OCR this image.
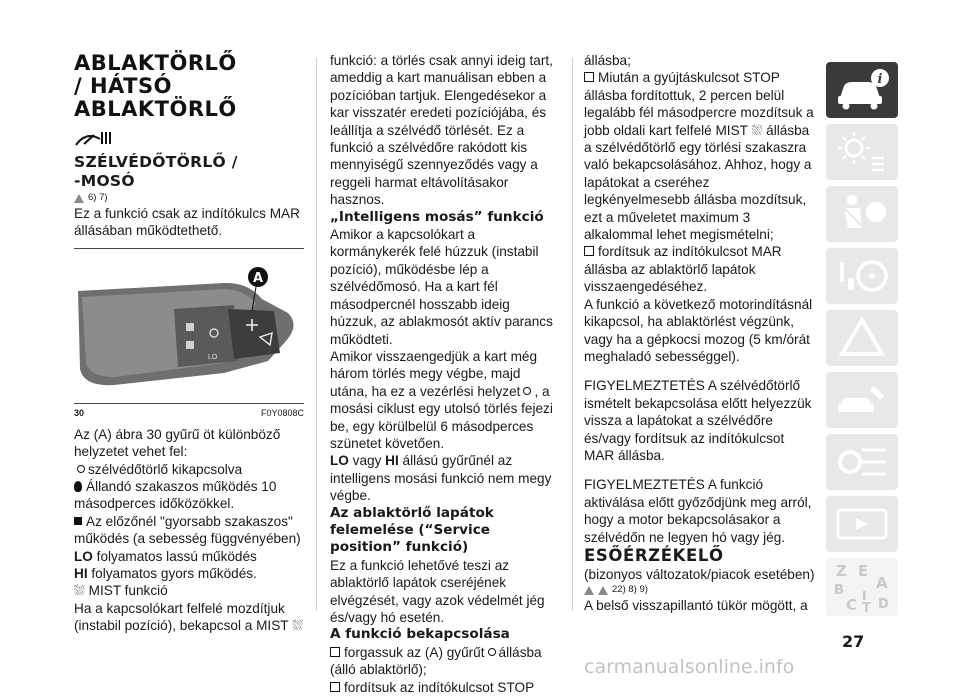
ABLAKTÖRLŐ

/ HÁTSÓ

ABLAKTÖRLŐ

SZÉLVÉDŐTÖRLŐ /

-MOSÓ

6) 7)

Ez a funkció csak az indítókulcs MAR állásában működtethető.

LO
A
30	F0Y0808C

Az (A) ábra 30 gyűrű öt különböző helyzetet vehet fel:

szélvédőtörlő kikapcsolva

Állandó szakaszos működés 10 másodperces időközökkel.

Az előzőnél "gyorsabb szakaszos" működés (a sebesség függvényében)

LO folyamatos lassú működés

HI folyamatos gyors működés.

⛆ MIST funkció

Ha a kapcsolókart felfelé mozdítjuk (instabil pozíció), bekapcsol a MIST ⛆

funkció: a törlés csak annyi ideig tart, ameddig a kart manuálisan ebben a pozícióban tartjuk. Elengedésekor a kar visszatér eredeti pozíciójába, és leállítja a szélvédő törlését. Ez a funkció a szélvédőre rakódott kis mennyiségű szennyeződés vagy a reggeli harmat eltávolításakor hasznos.

„Intelligens mosás” funkció

Amikor a kapcsolókart a kormánykerék felé húzzuk (instabil pozíció), működésbe lép a szélvédőmosó. Ha a kart fél másodpercnél hosszabb ideig húzzuk, az ablakmosót aktív parancs működteti.

Amikor visszaengedjük a kart még három törlés megy végbe, majd utána, ha ez a vezérlési helyzet , a mosási ciklust egy utolsó törlés fejezi be, egy körülbelül 6 másodperces szünetet követően.

LO vagy HI állású gyűrűnél az intelligens mosási funkció nem megy végbe.

Az ablaktörlő lapátok felemelése (“Service position” funkció)

Ez a funkció lehetővé teszi az ablaktörlő lapátok cseréjének elvégzését, vagy azok védelmét jég és/vagy hó esetén.

A funkció bekapcsolása

forgassuk az (A) gyűrűt állásba (álló ablaktörlő);

fordítsuk az indítókulcsot STOP

állásba;

Miután a gyújtáskulcsot STOP állásba fordítottuk, 2 percen belül legalább fél másodpercre mozdítsuk a jobb oldali kart felfelé MIST ⛆ állásba a szélvédőtörlő egy törlési szakaszra való bekapcsolásához. Ahhoz, hogy a lapátokat a cseréhez legkényelmesebb állásba mozdítsuk, ezt a műveletet maximum 3 alkalommal lehet megismételni;

fordítsuk az indítókulcsot MAR állásba az ablaktörlő lapátok visszaengedéséhez.

A funkció a következő motorindításnál kikapcsol, ha ablaktörlést végzünk, vagy ha a gépkocsi mozog (5 km/órát meghaladó sebességgel).

FIGYELMEZTETÉS A szélvédőtörlő ismételt bekapcsolása előtt helyezzük vissza a lapátokat a szélvédőre és/vagy fordítsuk az indítókulcsot MAR állásba.

FIGYELMEZTETÉS A funkció aktiválása előtt győződjünk meg arról, hogy a motor bekapcsolásakor a szélvédőn ne legyen hó vagy jég.

ESŐÉRZÉKELŐ

(bizonyos változatok/piacok esetében)

22) 8) 9)

A belső visszapillantó tükör mögött, a

i
Z E
B A
C D
I
T
27
carmanualsonline.info
